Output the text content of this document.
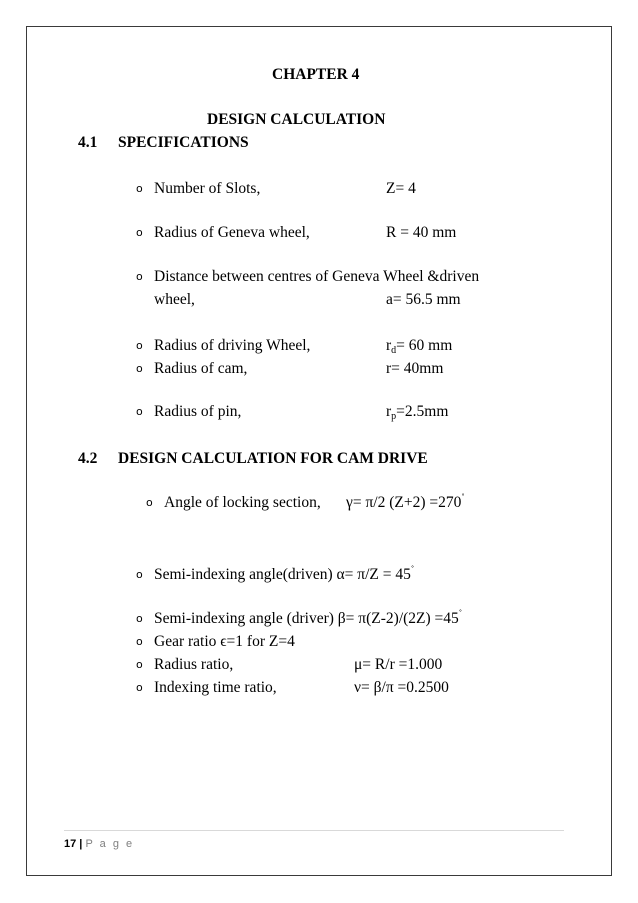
CHAPTER 4
DESIGN CALCULATION
4.1 SPECIFICATIONS
o Number of Slots,	Z= 4
o Radius of Geneva wheel,	R = 40 mm
o Distance between centres of Geneva Wheel &driven
wheel,	a= 56.5 mm
o Radius of driving Wheel,	$r_d= 60$ mm
o Radius of cam,	r= 40mm
o Radius of pin,	$r_p=2.5mm$
4.2 DESIGN CALCULATION FOR CAM DRIVE
o Angle of locking section, γ= π/2 (Z+2) =270˚
o Semi-indexing angle(driven) α= π/Z = 45˚
o Semi-indexing angle (driver) β= π(Z-2)/(2Z) =45˚
o Gear ratio ϵ=1 for Z=4
o Radius ratio,	μ= R/r =1.000
o Indexing time ratio,	ν= β/π =0.2500
17 | P a g e
